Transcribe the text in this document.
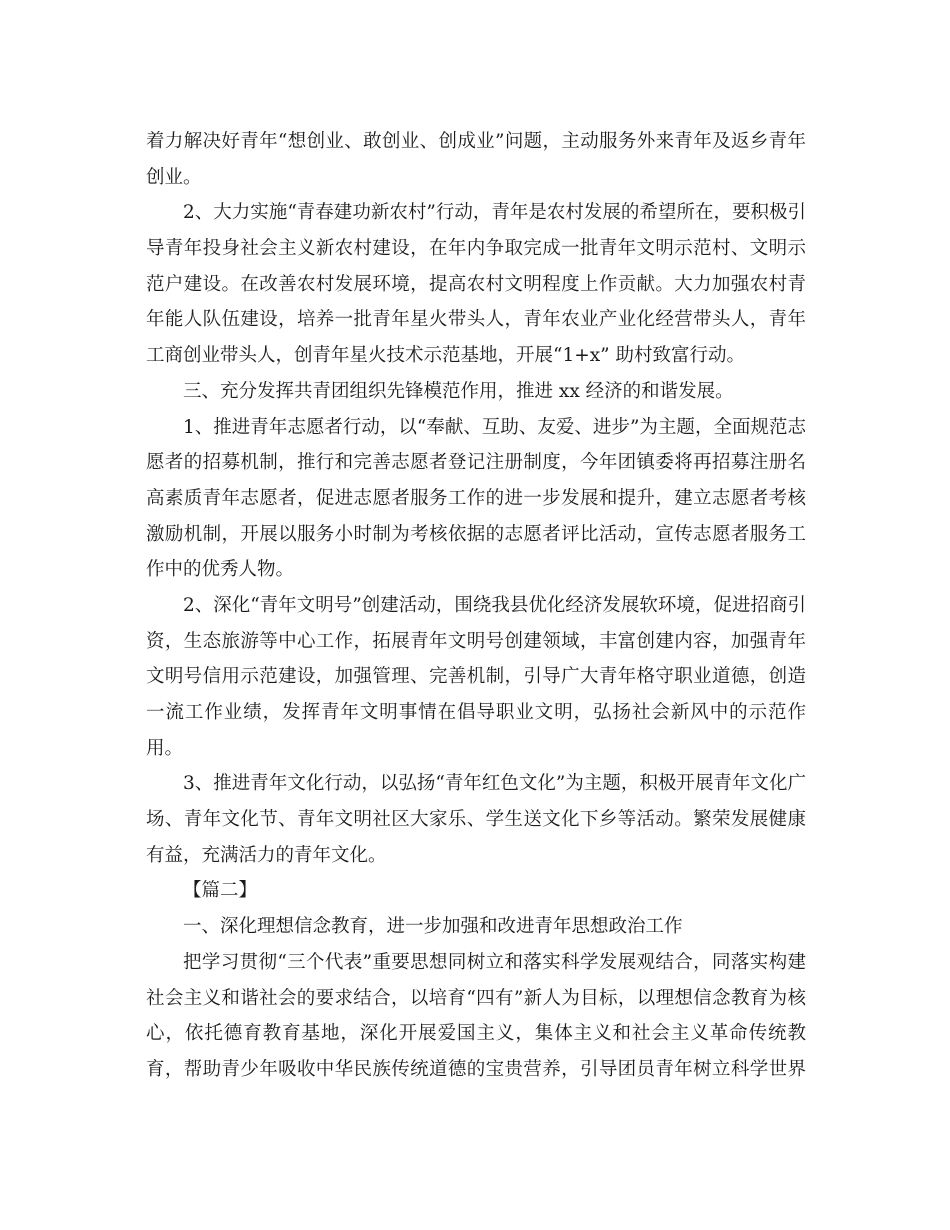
着力解决好青年“想创业、敢创业、创成业”问题，主动服务外来青年及返乡青年
创业。
2、大力实施“青春建功新农村”行动，青年是农村发展的希望所在，要积极引
导青年投身社会主义新农村建设，在年内争取完成一批青年文明示范村、文明示
范户建设。在改善农村发展环境，提高农村文明程度上作贡献。大力加强农村青
年能人队伍建设，培养一批青年星火带头人，青年农业产业化经营带头人，青年
工商创业带头人，创青年星火技术示范基地，开展“1+x” 助村致富行动。
三、充分发挥共青团组织先锋模范作用，推进 xx 经济的和谐发展。
1、推进青年志愿者行动，以“奉献、互助、友爱、进步”为主题，全面规范志
愿者的招募机制，推行和完善志愿者登记注册制度，今年团镇委将再招募注册名
高素质青年志愿者，促进志愿者服务工作的进一步发展和提升，建立志愿者考核
激励机制，开展以服务小时制为考核依据的志愿者评比活动，宣传志愿者服务工
作中的优秀人物。
2、深化“青年文明号”创建活动，围绕我县优化经济发展软环境，促进招商引
资，生态旅游等中心工作，拓展青年文明号创建领域，丰富创建内容，加强青年
文明号信用示范建设，加强管理、完善机制，引导广大青年格守职业道德，创造
一流工作业绩，发挥青年文明事情在倡导职业文明，弘扬社会新风中的示范作
用。
3、推进青年文化行动，以弘扬“青年红色文化”为主题，积极开展青年文化广
场、青年文化节、青年文明社区大家乐、学生送文化下乡等活动。繁荣发展健康
有益，充满活力的青年文化。
【篇二】
一、深化理想信念教育，进一步加强和改进青年思想政治工作
把学习贯彻“三个代表”重要思想同树立和落实科学发展观结合，同落实构建
社会主义和谐社会的要求结合，以培育“四有”新人为目标，以理想信念教育为核
心，依托德育教育基地，深化开展爱国主义，集体主义和社会主义革命传统教
育，帮助青少年吸收中华民族传统道德的宝贵营养，引导团员青年树立科学世界
